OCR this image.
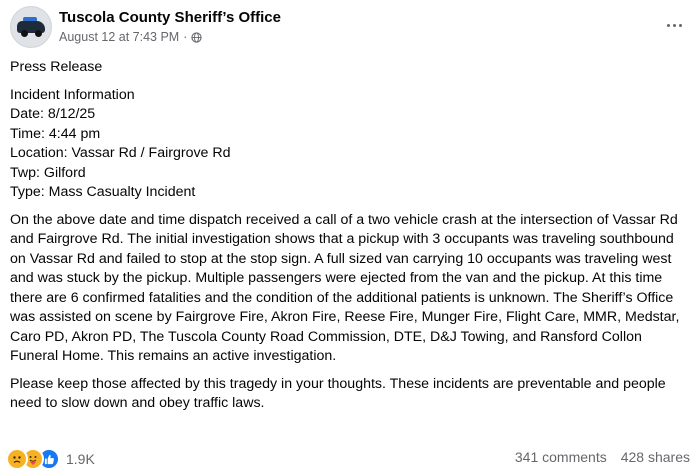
Tuscola County Sheriff’s Office
August 12 at 7:43 PM ·

Press Release

Incident Information

Date: 8/12/25

Time: 4:44 pm

Location: Vassar Rd / Fairgrove Rd

Twp: Gilford

Type: Mass Casualty Incident

On the above date and time dispatch received a call of a two vehicle crash at the intersection of Vassar Rd and Fairgrove Rd. The initial investigation shows that a pickup with 3 occupants was traveling southbound on Vassar Rd and failed to stop at the stop sign. A full sized van carrying 10 occupants was traveling west and was stuck by the pickup. Multiple passengers were ejected from the van and the pickup. At this time there are 6 confirmed fatalities and the condition of the additional patients is unknown. The Sheriff’s Office was assisted on scene by Fairgrove Fire, Akron Fire, Reese Fire, Munger Fire, Flight Care, MMR, Medstar, Caro PD, Akron PD, The Tuscola County Road Commission, DTE, D&J Towing, and Ransford Collon Funeral Home. This remains an active investigation.

Please keep those affected by this tragedy in your thoughts. These incidents are preventable and people need to slow down and obey traffic laws.

1.9K	341 comments 428 shares
